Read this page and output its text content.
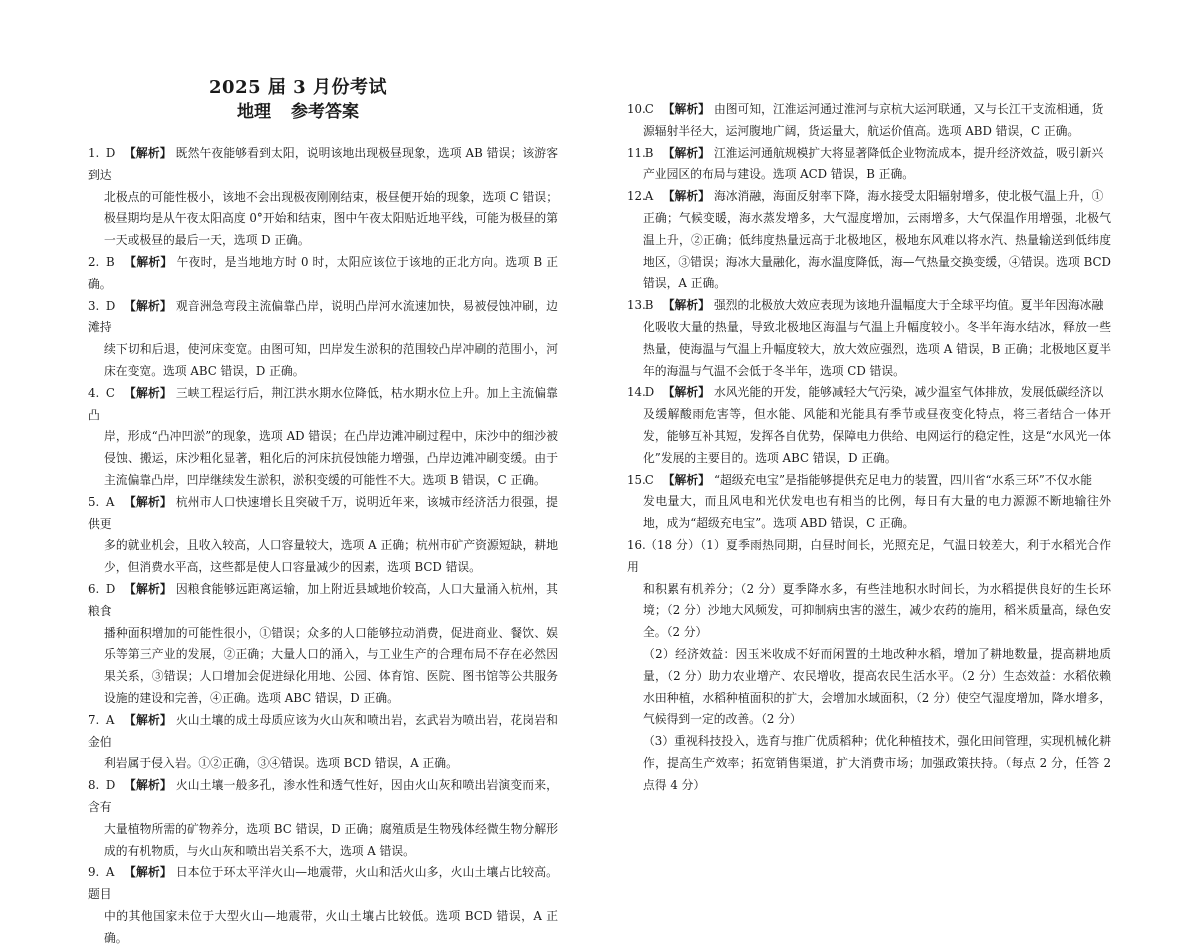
2025 届 3 月份考试
地理 参考答案
1. D 【解析】 既然午夜能够看到太阳，说明该地出现极昼现象，选项 AB 错误；该游客到达
北极点的可能性极小，该地不会出现极夜刚刚结束，极昼便开始的现象，选项 C 错误；极昼期均是从午夜太阳高度 0°开始和结束，图中午夜太阳贴近地平线，可能为极昼的第一天或极昼的最后一天，选项 D 正确。
2. B 【解析】 午夜时，是当地地方时 0 时，太阳应该位于该地的正北方向。选项 B 正确。
3. D 【解析】 观音洲急弯段主流偏靠凸岸，说明凸岸河水流速加快，易被侵蚀冲刷，边滩持
续下切和后退，使河床变宽。由图可知，凹岸发生淤积的范围较凸岸冲刷的范围小，河床在变宽。选项 ABC 错误，D 正确。
4. C 【解析】 三峡工程运行后，荆江洪水期水位降低，枯水期水位上升。加上主流偏靠凸
岸，形成“凸冲凹淤”的现象，选项 AD 错误；在凸岸边滩冲刷过程中，床沙中的细沙被侵蚀、搬运，床沙粗化显著，粗化后的河床抗侵蚀能力增强，凸岸边滩冲刷变缓。由于主流偏靠凸岸，凹岸继续发生淤积，淤积变缓的可能性不大。选项 B 错误，C 正确。
5. A 【解析】 杭州市人口快速增长且突破千万，说明近年来，该城市经济活力很强，提供更
多的就业机会，且收入较高，人口容量较大，选项 A 正确；杭州市矿产资源短缺，耕地少，但消费水平高，这些都是使人口容量减少的因素，选项 BCD 错误。
6. D 【解析】 因粮食能够远距离运输，加上附近县域地价较高，人口大量涌入杭州，其粮食
播种面积增加的可能性很小，①错误；众多的人口能够拉动消费，促进商业、餐饮、娱乐等第三产业的发展，②正确；大量人口的涌入，与工业生产的合理布局不存在必然因果关系，③错误；人口增加会促进绿化用地、公园、体育馆、医院、图书馆等公共服务设施的建设和完善，④正确。选项 ABC 错误，D 正确。
7. A 【解析】 火山土壤的成土母质应该为火山灰和喷出岩，玄武岩为喷出岩，花岗岩和金伯
利岩属于侵入岩。①②正确，③④错误。选项 BCD 错误，A 正确。
8. D 【解析】 火山土壤一般多孔，渗水性和透气性好，因由火山灰和喷出岩演变而来，含有
大量植物所需的矿物养分，选项 BC 错误，D 正确；腐殖质是生物残体经微生物分解形成的有机物质，与火山灰和喷出岩关系不大，选项 A 错误。
9. A 【解析】 日本位于环太平洋火山—地震带，火山和活火山多，火山土壤占比较高。题目
中的其他国家未位于大型火山—地震带，火山土壤占比较低。选项 BCD 错误，A 正确。
10. C 【解析】 由图可知，江淮运河通过淮河与京杭大运河联通，又与长江干支流相通，货
源辐射半径大，运河腹地广阔，货运量大，航运价值高。选项 ABD 错误，C 正确。
11. B 【解析】 江淮运河通航规模扩大将显著降低企业物流成本，提升经济效益，吸引新兴
产业园区的布局与建设。选项 ACD 错误，B 正确。
12. A 【解析】 海冰消融，海面反射率下降，海水接受太阳辐射增多，使北极气温上升，①
正确；气候变暖，海水蒸发增多，大气湿度增加，云雨增多，大气保温作用增强，北极气温上升，②正确；低纬度热量远高于北极地区，极地东风难以将水汽、热量输送到低纬度地区，③错误；海冰大量融化，海水温度降低，海—气热量交换变缓，④错误。选项 BCD 错误，A 正确。
13. B 【解析】 强烈的北极放大效应表现为该地升温幅度大于全球平均值。夏半年因海冰融
化吸收大量的热量，导致北极地区海温与气温上升幅度较小。冬半年海水结冰，释放一些热量，使海温与气温上升幅度较大，放大效应强烈，选项 A 错误，B 正确；北极地区夏半年的海温与气温不会低于冬半年，选项 CD 错误。
14. D 【解析】 水风光能的开发，能够减轻大气污染，减少温室气体排放，发展低碳经济以
及缓解酸雨危害等，但水能、风能和光能具有季节或昼夜变化特点，将三者结合一体开发，能够互补其短，发挥各自优势，保障电力供给、电网运行的稳定性，这是“水风光一体化”发展的主要目的。选项 ABC 错误，D 正确。
15. C 【解析】 “超级充电宝”是指能够提供充足电力的装置，四川省“水系三环”不仅水能
发电量大，而且风电和光伏发电也有相当的比例，每日有大量的电力源源不断地输往外地，成为“超级充电宝”。选项 ABD 错误，C 正确。
16. （18 分）（1）夏季雨热同期，白昼时间长，光照充足，气温日较差大，利于水稻光合作用
和积累有机养分；（2 分）夏季降水多，有些洼地积水时间长，为水稻提供良好的生长环境；（2 分）沙地大风频发，可抑制病虫害的滋生，减少农药的施用，稻米质量高，绿色安全。（2 分）
（2）经济效益：因玉米收成不好而闲置的土地改种水稻，增加了耕地数量，提高耕地质量，（2 分）助力农业增产、农民增收，提高农民生活水平。（2 分）生态效益：水稻依赖水田种植，水稻种植面积的扩大，会增加水域面积，（2 分）使空气湿度增加，降水增多，气候得到一定的改善。（2 分）
（3）重视科技投入，选育与推广优质稻种；优化种植技术，强化田间管理，实现机械化耕作，提高生产效率；拓宽销售渠道，扩大消费市场；加强政策扶持。（每点 2 分，任答 2 点得 4 分）
